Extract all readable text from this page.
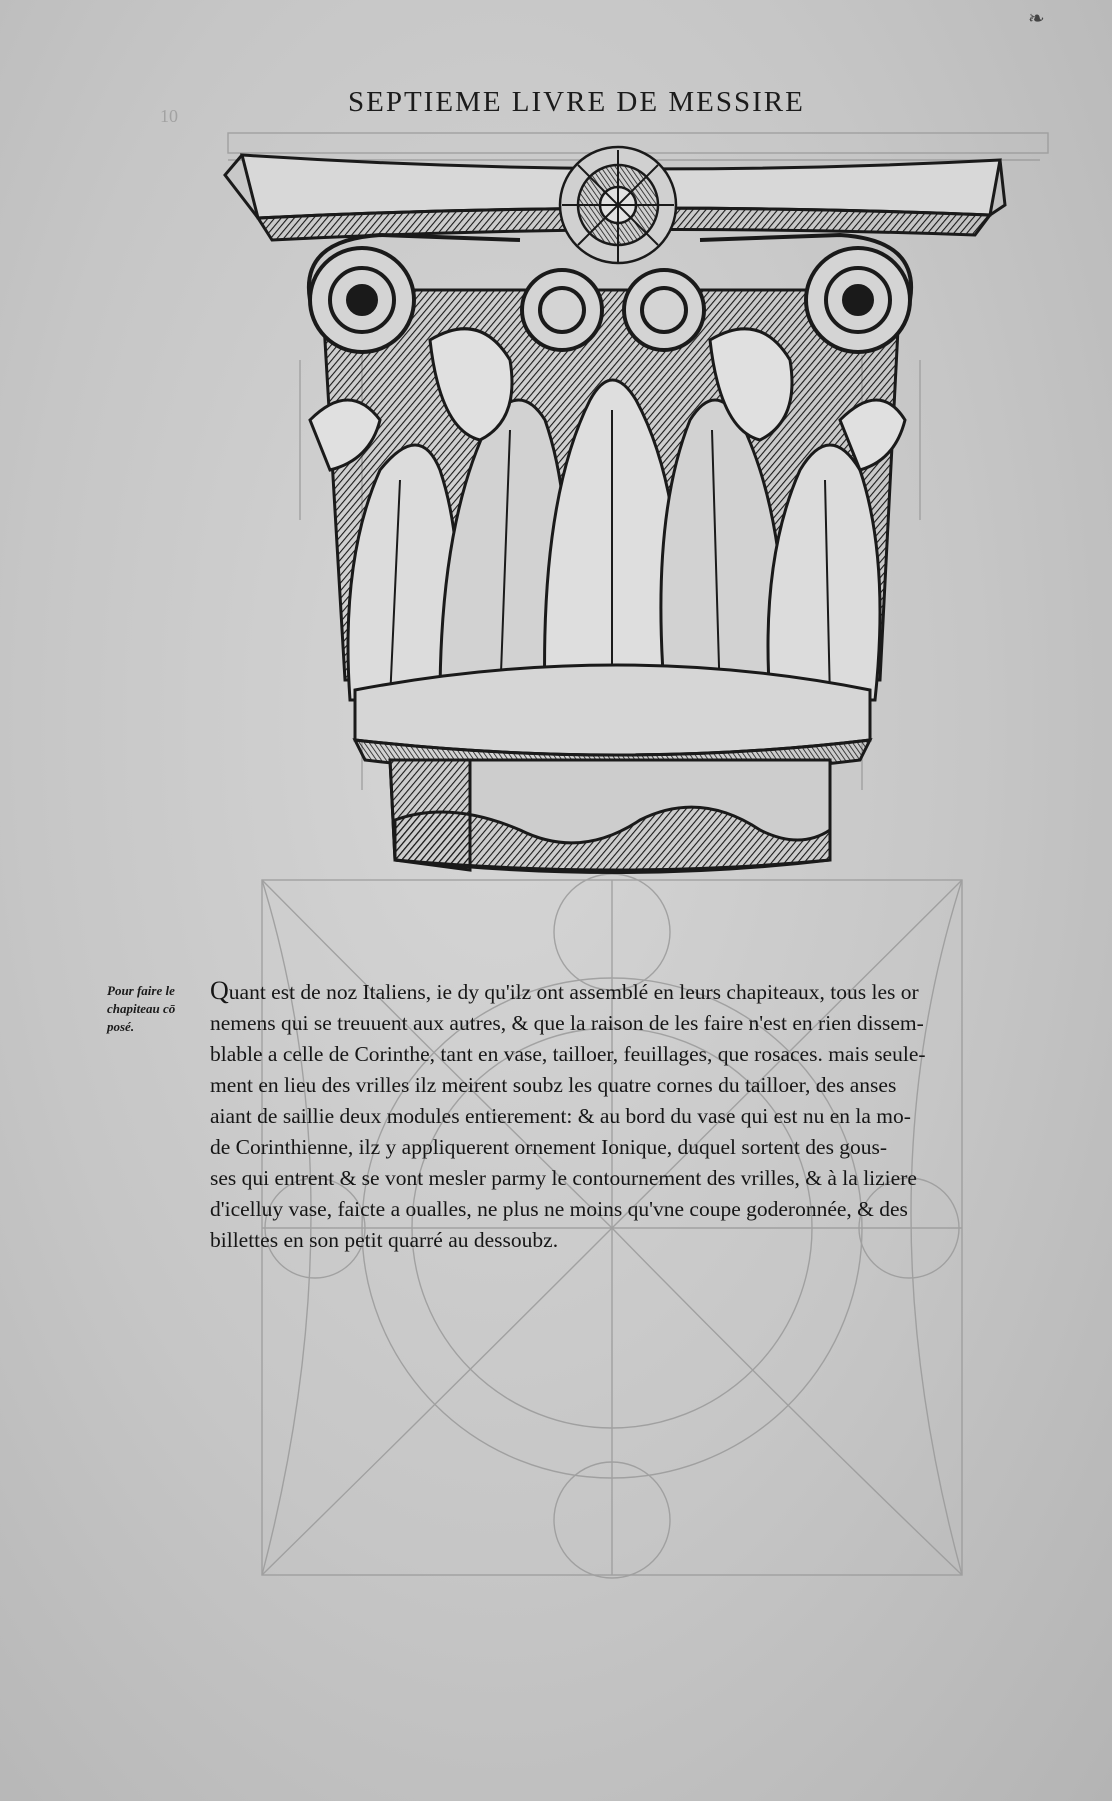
❧
10	SEPTIEME LIVRE DE MESSIRE
Pour faire le
chapiteau cō
posé.
Quant est de noz Italiens, ie dy qu'ilz ont assemblé en leurs chapiteaux, tous les or
nemens qui se treuuent aux autres, & que la raison de les faire n'est en rien dissem-
blable a celle de Corinthe, tant en vase, tailloer, feuillages, que rosaces. mais seule-
ment en lieu des vrilles ilz meirent soubz les quatre cornes du tailloer, des anses
aiant de saillie deux modules entierement: & au bord du vase qui est nu en la mo-
de Corinthienne, ilz y appliquerent ornement Ionique, duquel sortent des gous-
ses qui entrent & se vont mesler parmy le contournement des vrilles, & à la liziere
d'icelluy vase, faicte a oualles, ne plus ne moins qu'vne coupe goderonnée, & des
billettes en son petit quarré au dessoubz.
